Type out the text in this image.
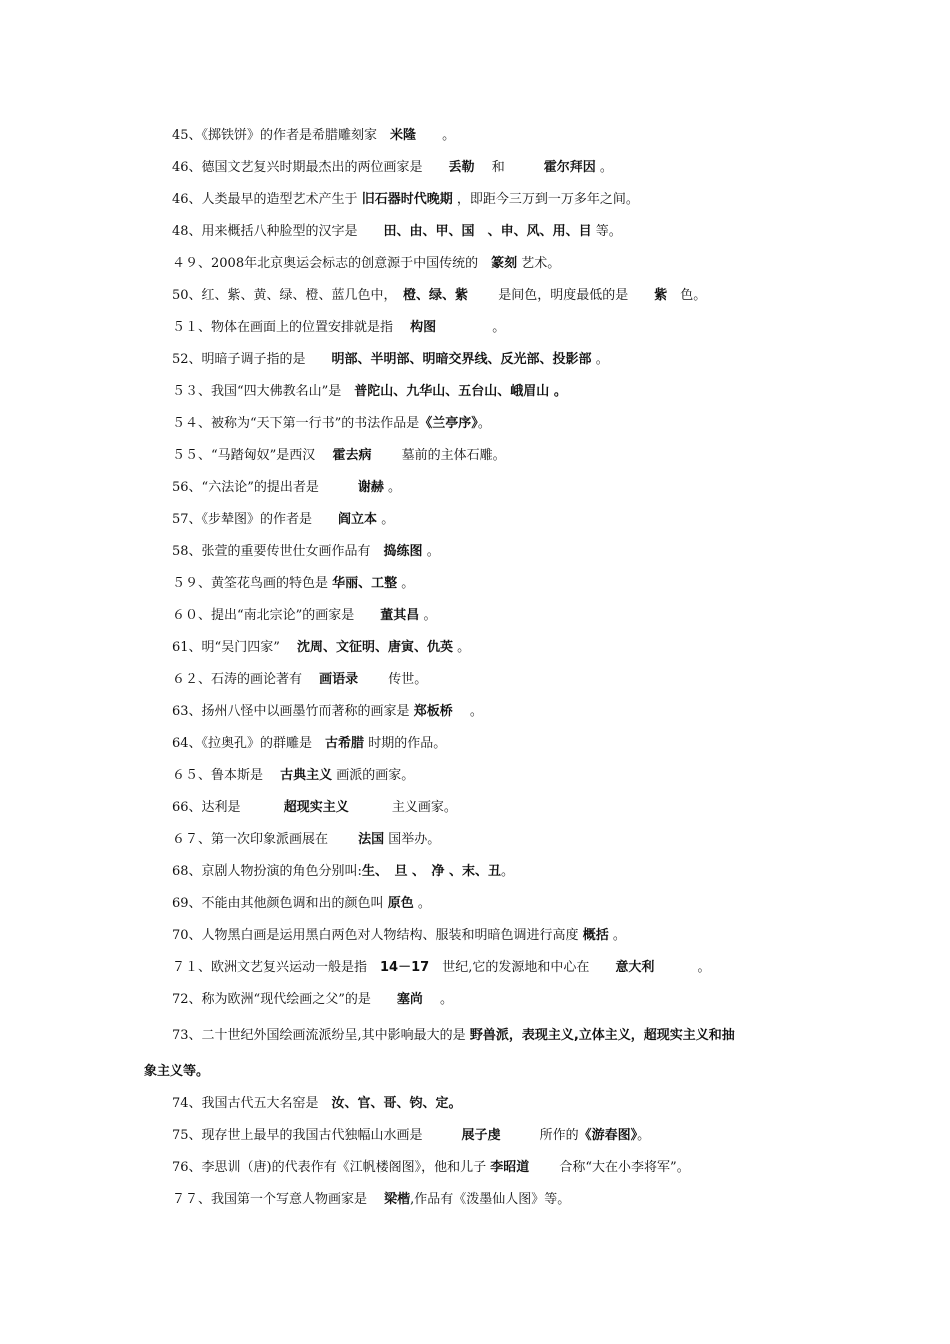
45、《掷铁饼》的作者是希腊雕刻家　米隆　　。
46、德国文艺复兴时期最杰出的两位画家是　　丢勒　 和　　　霍尔拜因 。
46、人类最早的造型艺术产生于 旧石器时代晚期 ，即距今三万到一万多年之间。
48、用来概括八种脸型的汉字是　　田、由、甲、国　 、申、风、用、目 等。
４９、2008年北京奥运会标志的创意源于中国传统的　篆刻 艺术。
50、红、紫、黄、绿、橙、蓝几色中，　橙、绿、紫　　 是间色，明度最低的是　　紫　色。
５１、物体在画面上的位置安排就是指　 构图　　　　 。
52、明暗子调子指的是　　明部、半明部、明暗交界线、反光部、投影部 。
５３、我国“四大佛教名山”是　普陀山、九华山、五台山、峨眉山 。
５４、被称为“天下第一行书”的书法作品是《兰亭序》。
５５、“马踏匈奴”是西汉　 霍去病　　 墓前的主体石雕。
56、“六法论”的提出者是　　　谢赫 。
57、《步辇图》的作者是　　阎立本 。
58、张萱的重要传世仕女画作品有　捣练图 。
５９、黄筌花鸟画的特色是 华丽、工整 。
６０、提出“南北宗论”的画家是　　董其昌 。
61、明“吴门四家”　 沈周、文征明、唐寅、仇英 。
６２、石涛的画论著有　 画语录　　 传世。
63、扬州八怪中以画墨竹而著称的画家是 郑板桥　 。
64、《拉奥孔》的群雕是　古希腊 时期的作品。
６５、鲁本斯是　 古典主义 画派的画家。
66、达利是　　　 超现实主义　　　 主义画家。
６７、第一次印象派画展在　　 法国 国举办。
68、京剧人物扮演的角色分别叫:生、　旦 、　净 、末、丑。
69、不能由其他颜色调和出的颜色叫 原色 。
70、人物黑白画是运用黑白两色对人物结构、服装和明暗色调进行高度 概括 。
７１、欧洲文艺复兴运动一般是指　14－17　世纪,它的发源地和中心在　　意大利　　　 。
72、称为欧洲“现代绘画之父”的是　　塞尚　 。
73、二十世纪外国绘画流派纷呈,其中影响最大的是 野兽派，表现主义,立体主义，超现实主义和抽
象主义等。
74、我国古代五大名窑是　汝、官、哥、钧、定。
75、现存世上最早的我国古代独幅山水画是　　　展子虔　　　所作的《游春图》。
76、李思训（唐)的代表作有《江帆楼阁图》，他和儿子 李昭道　　 合称“大在小李将军”。
７７、我国第一个写意人物画家是　 梁楷,作品有《泼墨仙人图》等。
